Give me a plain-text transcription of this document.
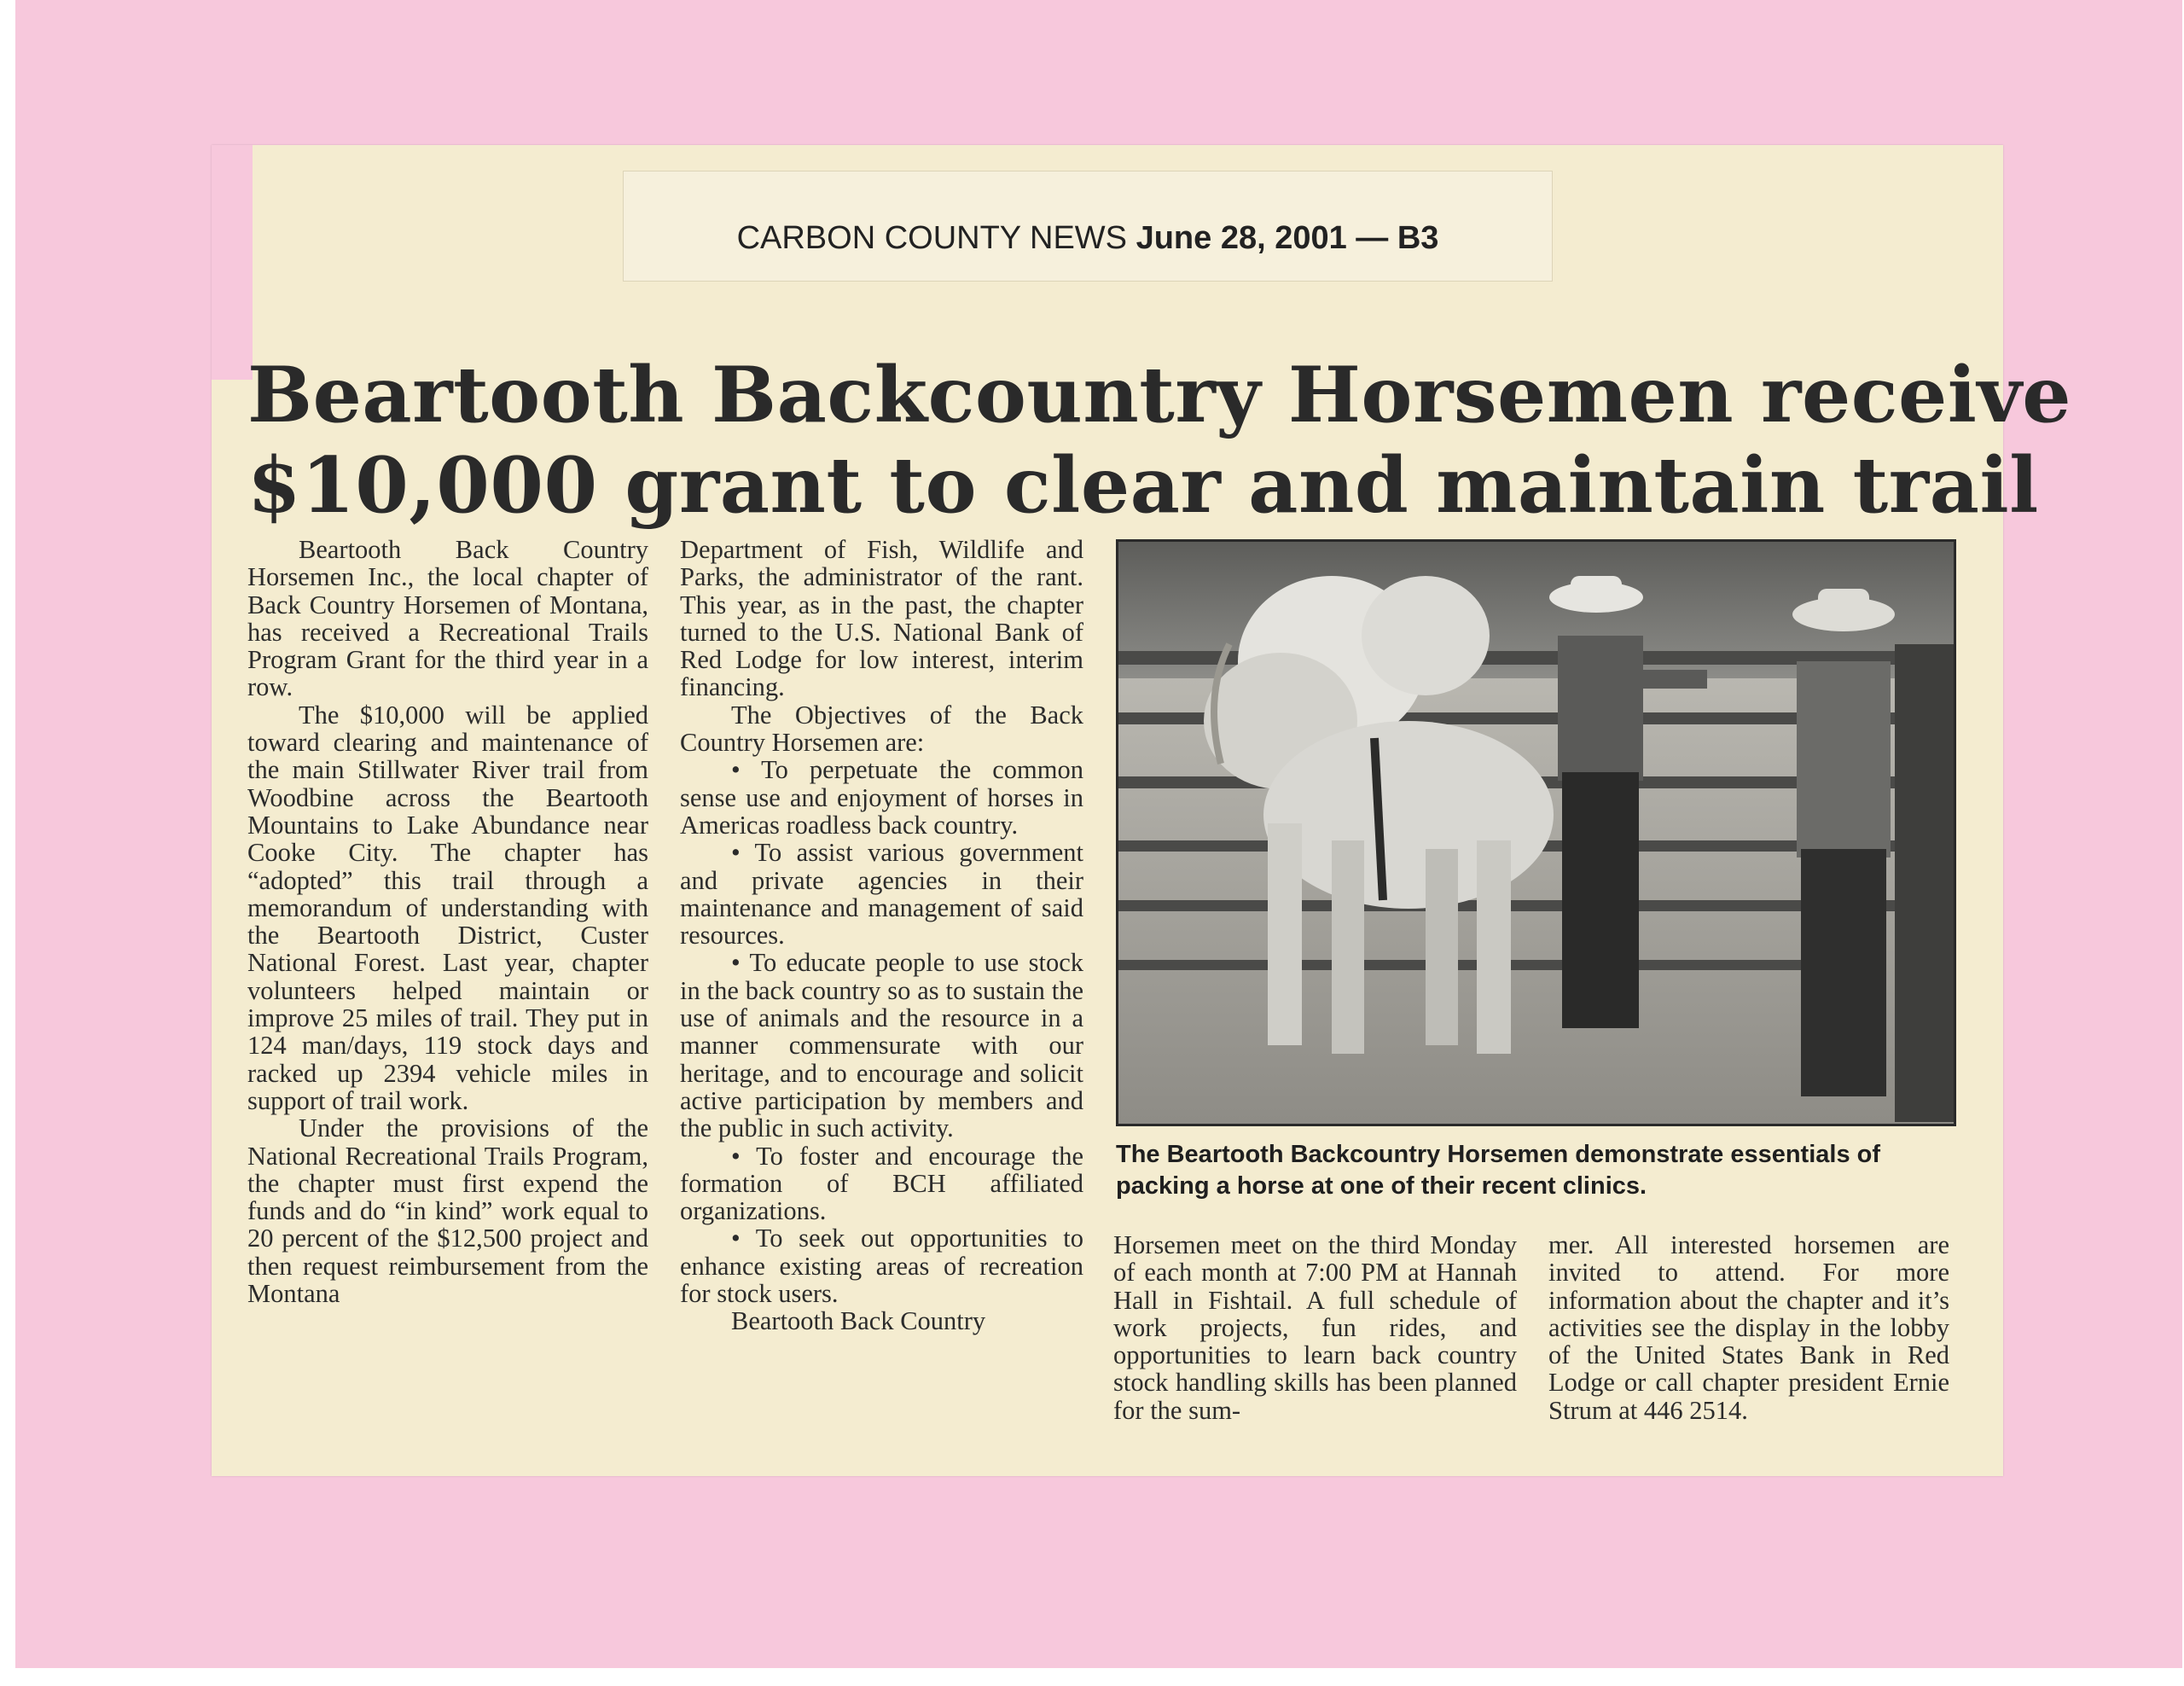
CARBON COUNTY NEWS June 28, 2001 — B3
Beartooth Backcountry Horsemen receive
$10,000 grant to clear and maintain trail

Beartooth Back Country Horsemen Inc., the local chapter of Back Country Horsemen of Montana, has received a Recreational Trails Program Grant for the third year in a row.

The $10,000 will be applied toward clearing and maintenance of the main Stillwater River trail from Woodbine across the Beartooth Mountains to Lake Abundance near Cooke City. The chapter has “adopted” this trail through a memorandum of understanding with the Beartooth District, Custer National Forest. Last year, chapter volunteers helped maintain or improve 25 miles of trail. They put in 124 man/days, 119 stock days and racked up 2394 vehicle miles in support of trail work.

Under the provisions of the National Recreational Trails Program, the chapter must first expend the funds and do “in kind” work equal to 20 percent of the $12,500 project and then request reimbursement from the Montana

Department of Fish, Wildlife and Parks, the administrator of the rant. This year, as in the past, the chapter turned to the U.S. National Bank of Red Lodge for low interest, interim financing.

The Objectives of the Back Country Horsemen are:

• To perpetuate the common sense use and enjoyment of horses in Americas roadless back country.

• To assist various government and private agencies in their maintenance and management of said resources.

• To educate people to use stock in the back country so as to sustain the use of animals and the resource in a manner commensurate with our heritage, and to encourage and solicit active participation by members and the public in such activity.

• To foster and encourage the formation of BCH affiliated organizations.

• To seek out opportunities to enhance existing areas of recreation for stock users.

Beartooth Back Country

The Beartooth Backcountry Horsemen demonstrate essentials of packing a horse at one of their recent clinics.

Horsemen meet on the third Monday of each month at 7:00 PM at Hannah Hall in Fishtail. A full schedule of work projects, fun rides, and opportunities to learn back country stock handling skills has been planned for the sum-

mer. All interested horsemen are invited to attend. For more information about the chapter and it’s activities see the display in the lobby of the United States Bank in Red Lodge or call chapter president Ernie Strum at 446 2514.
